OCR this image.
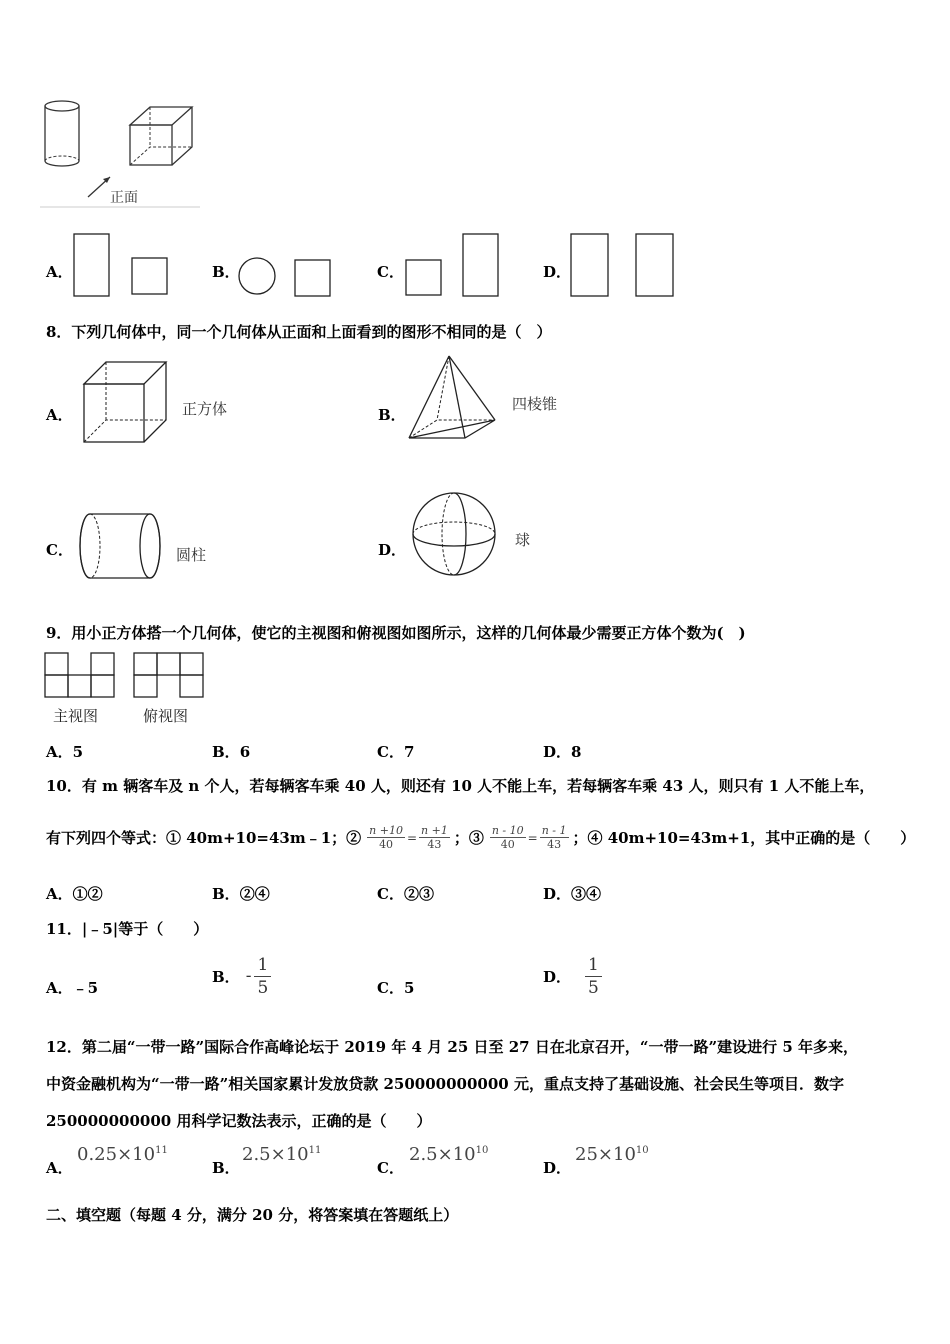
正面
A．	B．	C．	D．
8．下列几何体中，同一个几何体从正面和上面看到的图形不相同的是（　）
A．	正方体	B．
四棱锥
C．	圆柱	D．
球
9．用小正方体搭一个几何体，使它的主视图和俯视图如图所示，这样的几何体最少需要正方体个数为(　)
主视图	俯视图
A．5	B．6	C．7	D．8
10．有 m 辆客车及 n 个人，若每辆客车乘 40 人，则还有 10 人不能上车，若每辆客车乘 43 人，则只有 1 人不能上车，
有下列四个等式：① 40m+10=43m﹣1；② $\frac{n +10}{40} = \frac{n +1}{43}$ ；③ $\frac{n - 10}{40} = \frac{n - 1}{43}$ ；④ 40m+10=43m+1，其中正确的是（　　）
A．①②	B．②④	C．②③	D．③④
11．|﹣5|等于（　　）
A．﹣5
B． - $\frac{1}{5}$	C．5
D． $\frac{1}{5}$
12．第二届“一带一路”国际合作高峰论坛于 2019 年 4 月 25 日至 27 日在北京召开，“一带一路”建设进行 5 年多来，
中资金融机构为“一带一路”相关国家累计发放贷款 250000000000 元，重点支持了基础设施、社会民生等项目．数字
250000000000 用科学记数法表示，正确的是（　　）
A．
$0.25\times 10^{11}$
B．
$2.5\times 10^{11}$
C．
$2.5\times 10^{10}$
D．
$25\times 10^{10}$
二、填空题（每题 4 分，满分 20 分，将答案填在答题纸上）
